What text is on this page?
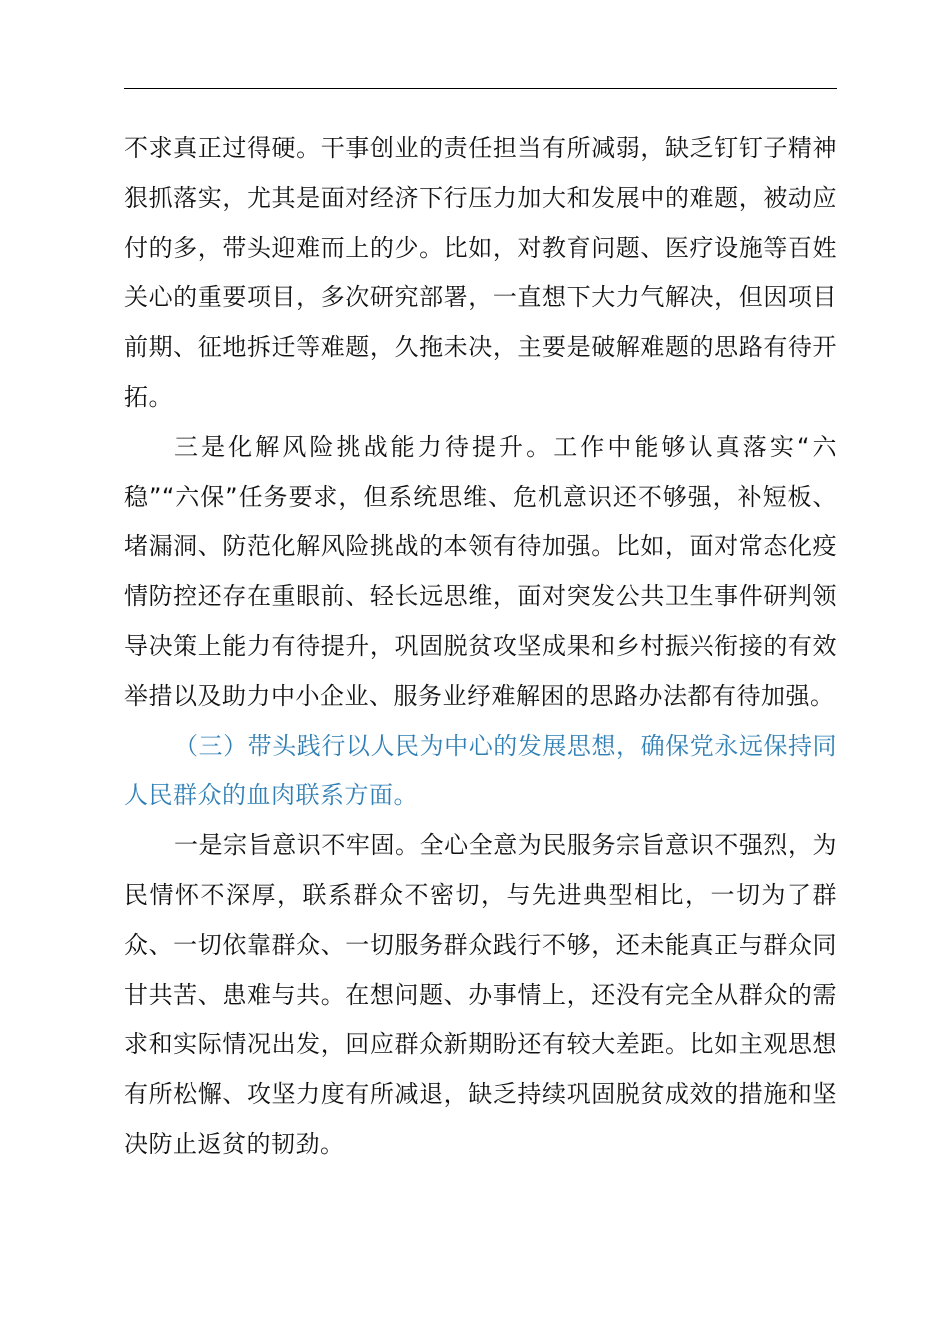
不求真正过得硬。干事创业的责任担当有所减弱，缺乏钉钉子精神狠抓落实，尤其是面对经济下行压力加大和发展中的难题，被动应付的多，带头迎难而上的少。比如，对教育问题、医疗设施等百姓关心的重要项目，多次研究部署，一直想下大力气解决，但因项目前期、征地拆迁等难题，久拖未决，主要是破解难题的思路有待开拓。

三是化解风险挑战能力待提升。工作中能够认真落实“六稳”“六保”任务要求，但系统思维、危机意识还不够强，补短板、堵漏洞、防范化解风险挑战的本领有待加强。比如，面对常态化疫情防控还存在重眼前、轻长远思维，面对突发公共卫生事件研判领导决策上能力有待提升，巩固脱贫攻坚成果和乡村振兴衔接的有效举措以及助力中小企业、服务业纾难解困的思路办法都有待加强。

（三）带头践行以人民为中心的发展思想，确保党永远保持同人民群众的血肉联系方面。

一是宗旨意识不牢固。全心全意为民服务宗旨意识不强烈，为民情怀不深厚，联系群众不密切，与先进典型相比，一切为了群众、一切依靠群众、一切服务群众践行不够，还未能真正与群众同甘共苦、患难与共。在想问题、办事情上，还没有完全从群众的需求和实际情况出发，回应群众新期盼还有较大差距。比如主观思想有所松懈、攻坚力度有所减退，缺乏持续巩固脱贫成效的措施和坚决防止返贫的韧劲。
